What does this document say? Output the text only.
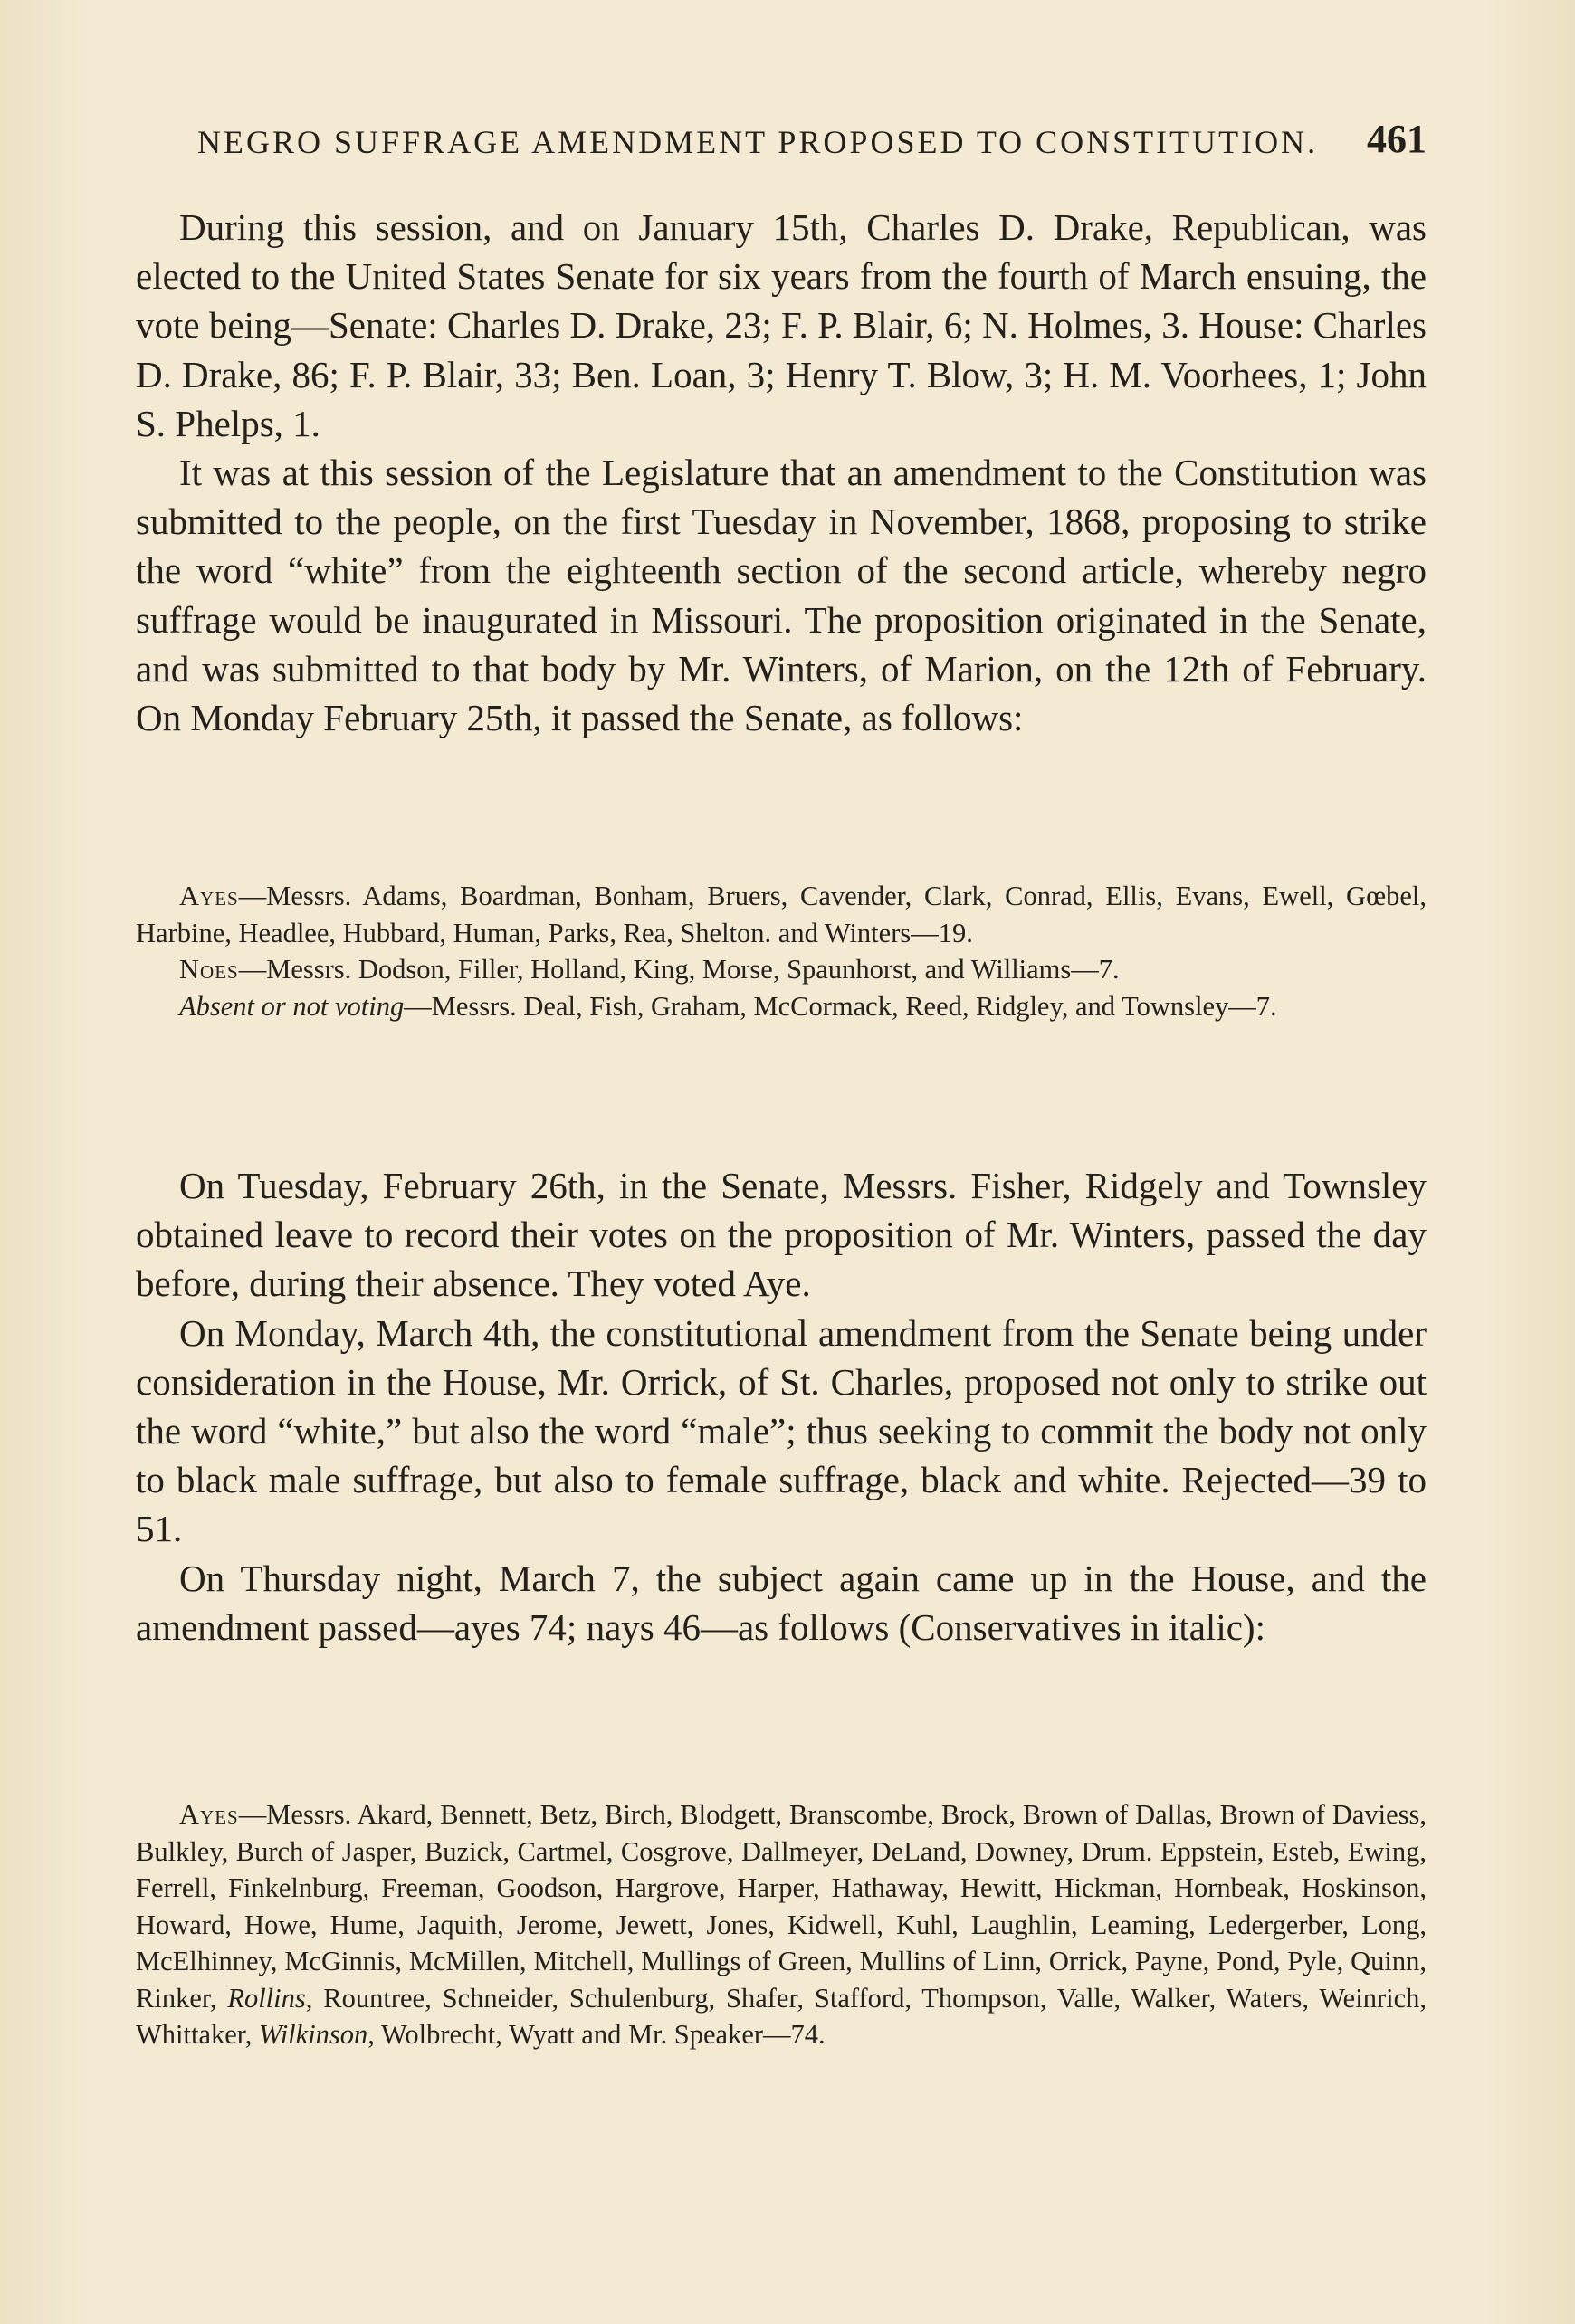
NEGRO SUFFRAGE AMENDMENT PROPOSED TO CONSTITUTION. 461

During this session, and on January 15th, Charles D. Drake, Republican, was elected to the United States Senate for six years from the fourth of March ensuing, the vote being—Senate: Charles D. Drake, 23; F. P. Blair, 6; N. Holmes, 3. House: Charles D. Drake, 86; F. P. Blair, 33; Ben. Loan, 3; Henry T. Blow, 3; H. M. Voorhees, 1; John S. Phelps, 1.

It was at this session of the Legislature that an amendment to the Constitution was submitted to the people, on the first Tuesday in November, 1868, proposing to strike the word “white” from the eighteenth section of the second article, whereby negro suffrage would be inaugurated in Missouri. The proposition originated in the Senate, and was submitted to that body by Mr. Winters, of Marion, on the 12th of February. On Monday February 25th, it passed the Senate, as follows:

Ayes—Messrs. Adams, Boardman, Bonham, Bruers, Cavender, Clark, Conrad, Ellis, Evans, Ewell, Gœbel, Harbine, Headlee, Hubbard, Human, Parks, Rea, Shelton. and Winters—19.

Noes—Messrs. Dodson, Filler, Holland, King, Morse, Spaunhorst, and Williams—7.

Absent or not voting—Messrs. Deal, Fish, Graham, McCormack, Reed, Ridgley, and Townsley—7.

On Tuesday, February 26th, in the Senate, Messrs. Fisher, Ridgely and Townsley obtained leave to record their votes on the proposition of Mr. Winters, passed the day before, during their absence. They voted Aye.

On Monday, March 4th, the constitutional amendment from the Senate being under consideration in the House, Mr. Orrick, of St. Charles, proposed not only to strike out the word “white,” but also the word “male”; thus seeking to commit the body not only to black male suffrage, but also to female suffrage, black and white. Rejected—39 to 51.

On Thursday night, March 7, the subject again came up in the House, and the amendment passed—ayes 74; nays 46—as follows (Conservatives in italic):

Ayes—Messrs. Akard, Bennett, Betz, Birch, Blodgett, Branscombe, Brock, Brown of Dallas, Brown of Daviess, Bulkley, Burch of Jasper, Buzick, Cartmel, Cosgrove, Dallmeyer, DeLand, Downey, Drum. Eppstein, Esteb, Ewing, Ferrell, Finkelnburg, Freeman, Goodson, Hargrove, Harper, Hathaway, Hewitt, Hickman, Hornbeak, Hoskinson, Howard, Howe, Hume, Jaquith, Jerome, Jewett, Jones, Kidwell, Kuhl, Laughlin, Leaming, Ledergerber, Long, McElhinney, McGinnis, McMillen, Mitchell, Mullings of Green, Mullins of Linn, Orrick, Payne, Pond, Pyle, Quinn, Rinker, Rollins, Rountree, Schneider, Schulenburg, Shafer, Stafford, Thompson, Valle, Walker, Waters, Weinrich, Whittaker, Wilkinson, Wolbrecht, Wyatt and Mr. Speaker—74.
